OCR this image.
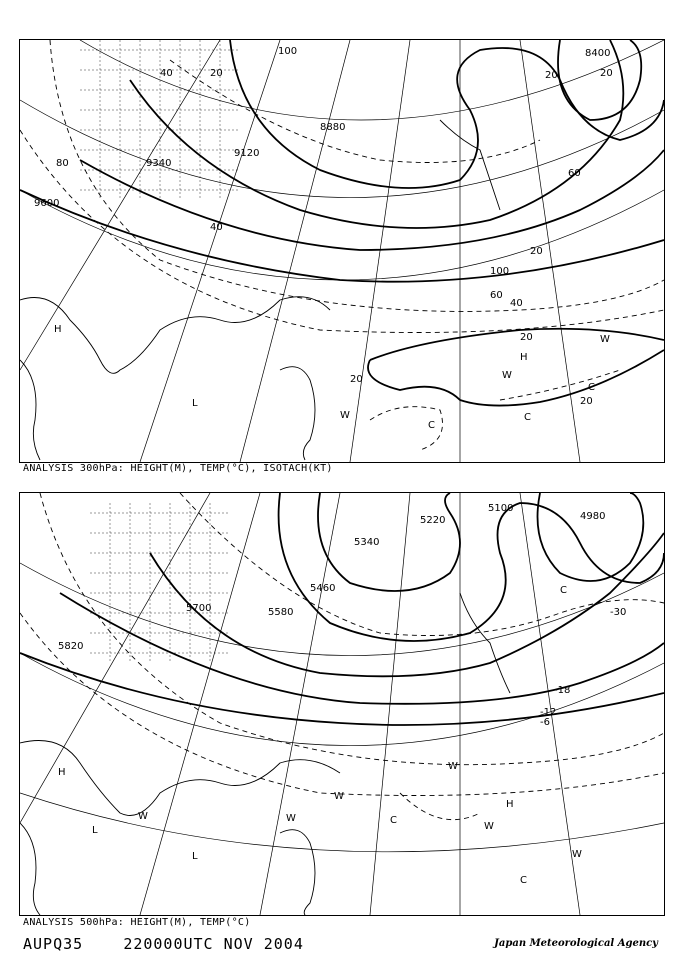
100
40	20
8400
20	20
8880
9120
9340
80
9600
40
20
60
100
60
40
20
H
L
W
C
20
H
W
W
C
20
C
ANALYSIS 300hPa: HEIGHT(M), TEMP(°C), ISOTACH(KT)
5100
4980
5220
5340
5460
5700	5580
5820
-30
-18
-12
-6
H
L
L
W
W
W	C
C
H
W
W
C
W
ANALYSIS 500hPa: HEIGHT(M), TEMP(°C)
AUPQ35	220000UTC NOV 2004	Japan Meteorological Agency
